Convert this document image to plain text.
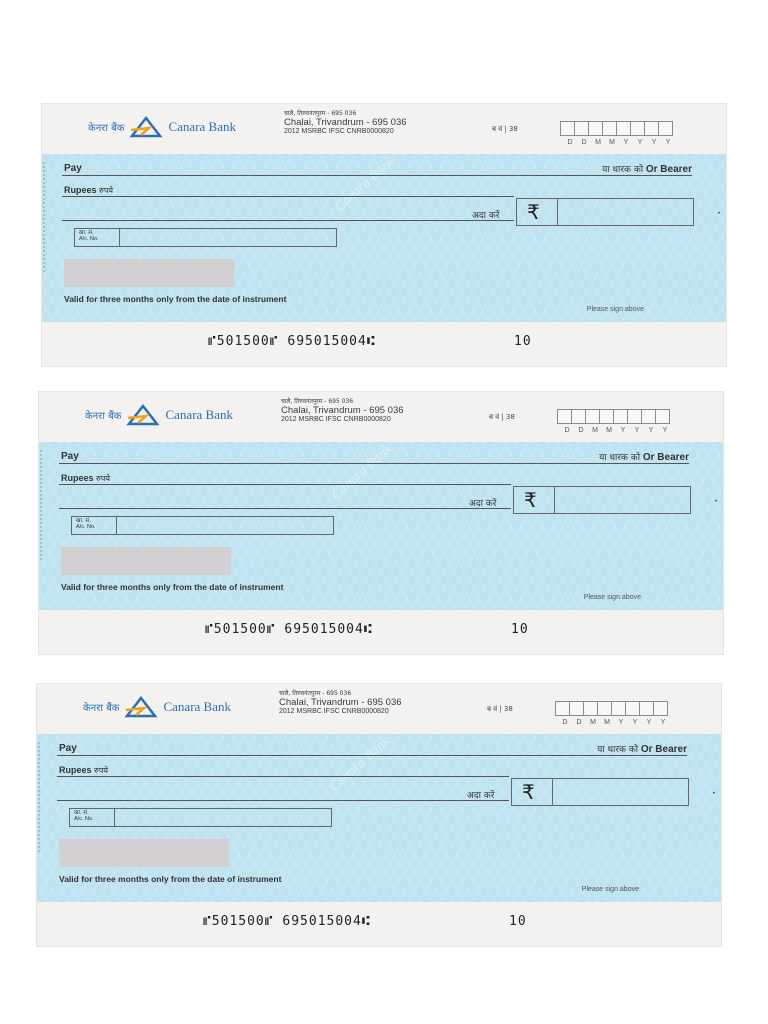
केनरा बैंक	Canara Bank
चालै, तिरुवनंतपुरम - 695 036
Chalai, Trivandrum - 695 036
2012 MSRBC IFSC CNRB0000820	ब वं | 38
D	D	M	M	Y	Y	Y	Y
Canara Bank
Pay	या धारक को Or Bearer
Rupees रुपये
अदा करें ₹	•
खा. सं.
A/c. No.
Valid for three months only from the date of instrument
Please sign above
⑈501500⑈ 695015004⑆	10
केनरा बैंक	Canara Bank
चालै, तिरुवनंतपुरम - 695 036
Chalai, Trivandrum - 695 036
2012 MSRBC IFSC CNRB0000820	ब वं | 38
D	D	M	M	Y	Y	Y	Y
Canara Bank
Pay	या धारक को Or Bearer
Rupees रुपये
अदा करें ₹	•
खा. सं.
A/c. No.
Valid for three months only from the date of instrument
Please sign above
⑈501500⑈ 695015004⑆	10
केनरा बैंक	Canara Bank
चालै, तिरुवनंतपुरम - 695 036
Chalai, Trivandrum - 695 036
2012 MSRBC IFSC CNRB0000820	ब वं | 38
D	D	M	M	Y	Y	Y	Y
Canara Bank
Pay	या धारक को Or Bearer
Rupees रुपये
अदा करें ₹	•
खा. सं.
A/c. No.
Valid for three months only from the date of instrument
Please sign above
⑈501500⑈ 695015004⑆	10
